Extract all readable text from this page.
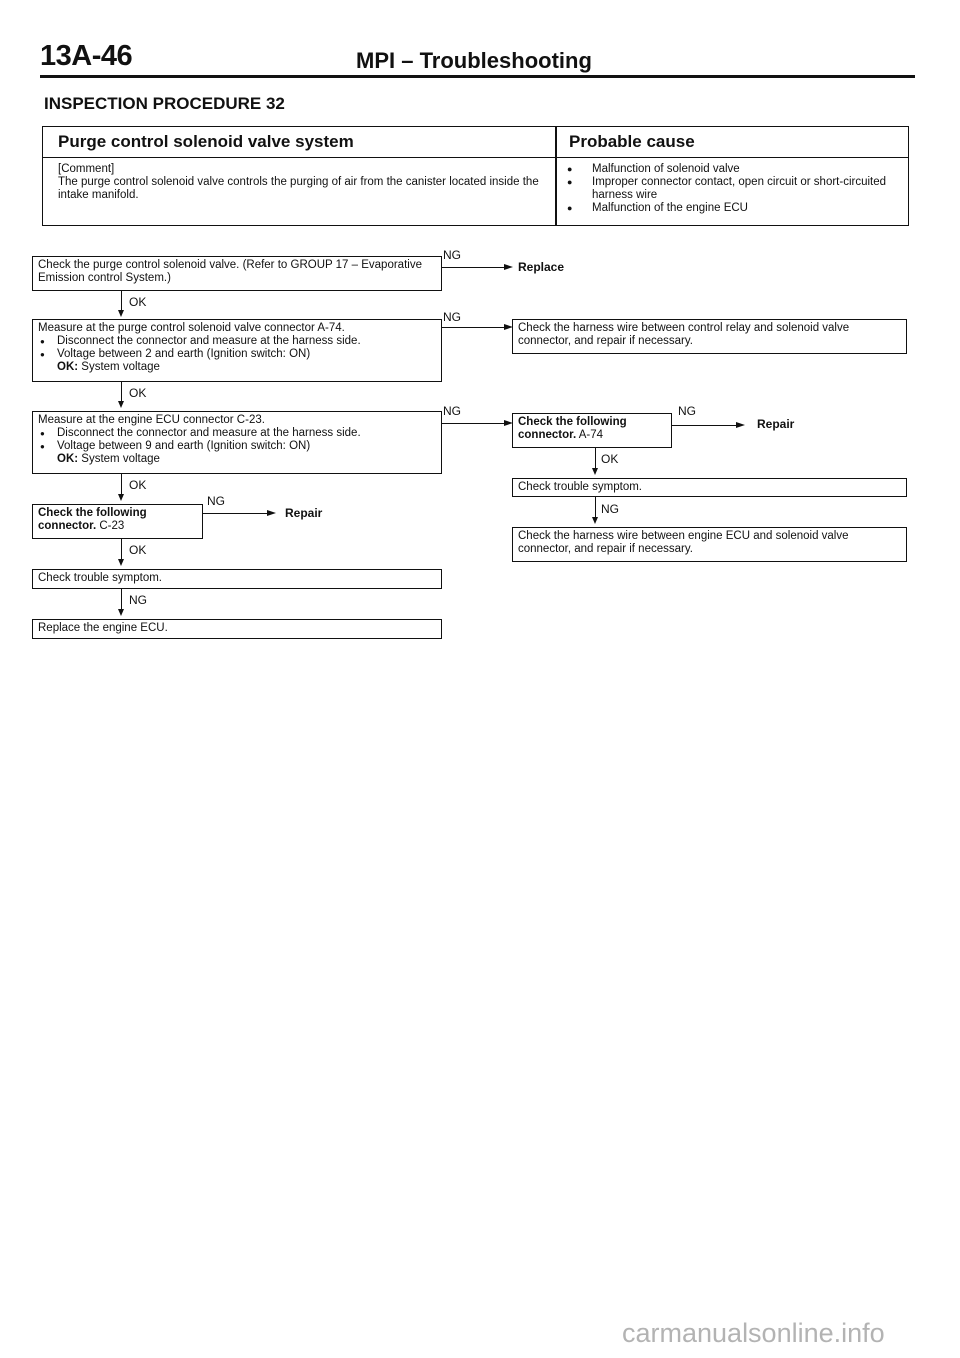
13A-46	MPI – Troubleshooting
INSPECTION PROCEDURE 32
Purge control solenoid valve system	Probable cause
[Comment]
The purge control solenoid valve controls the purging of air from the canister located inside the intake manifold.
● Malfunction of solenoid valve
● Improper connector contact, open circuit or short-circuited harness wire
● Malfunction of the engine ECU
Check the purge control solenoid valve. (Refer to GROUP 17 – Evaporative Emission control System.)
NG
Replace
OK
Measure at the purge control solenoid valve connector A-74.
● Disconnect the connector and measure at the harness side.
● Voltage between 2 and earth (Ignition switch: ON)
OK: System voltage
NG
Check the harness wire between control relay and solenoid valve connector, and repair if necessary.
OK
Measure at the engine ECU connector C-23.
● Disconnect the connector and measure at the harness side.
● Voltage between 9 and earth (Ignition switch: ON)
OK: System voltage
NG
Check the following connector. A-74
NG
Repair
OK
Check trouble symptom.
NG
Check the harness wire between engine ECU and solenoid valve connector, and repair if necessary.
OK
Check the following connector. C-23
NG
Repair
OK
Check trouble symptom.
NG
Replace the engine ECU.
carmanualsonline.info
